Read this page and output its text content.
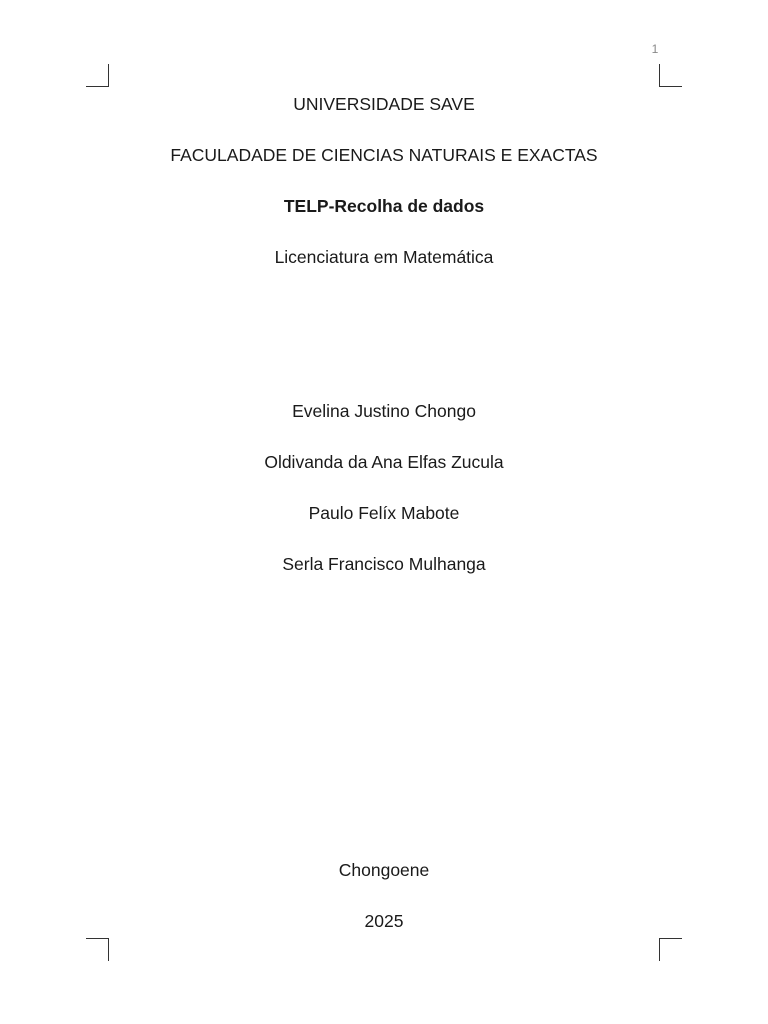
1
UNIVERSIDADE SAVE
FACULADADE DE CIENCIAS NATURAIS E EXACTAS
TELP-Recolha de dados
Licenciatura em Matemática
Evelina Justino Chongo
Oldivanda da Ana Elfas Zucula
Paulo Felíx Mabote
Serla Francisco Mulhanga
Chongoene
2025
